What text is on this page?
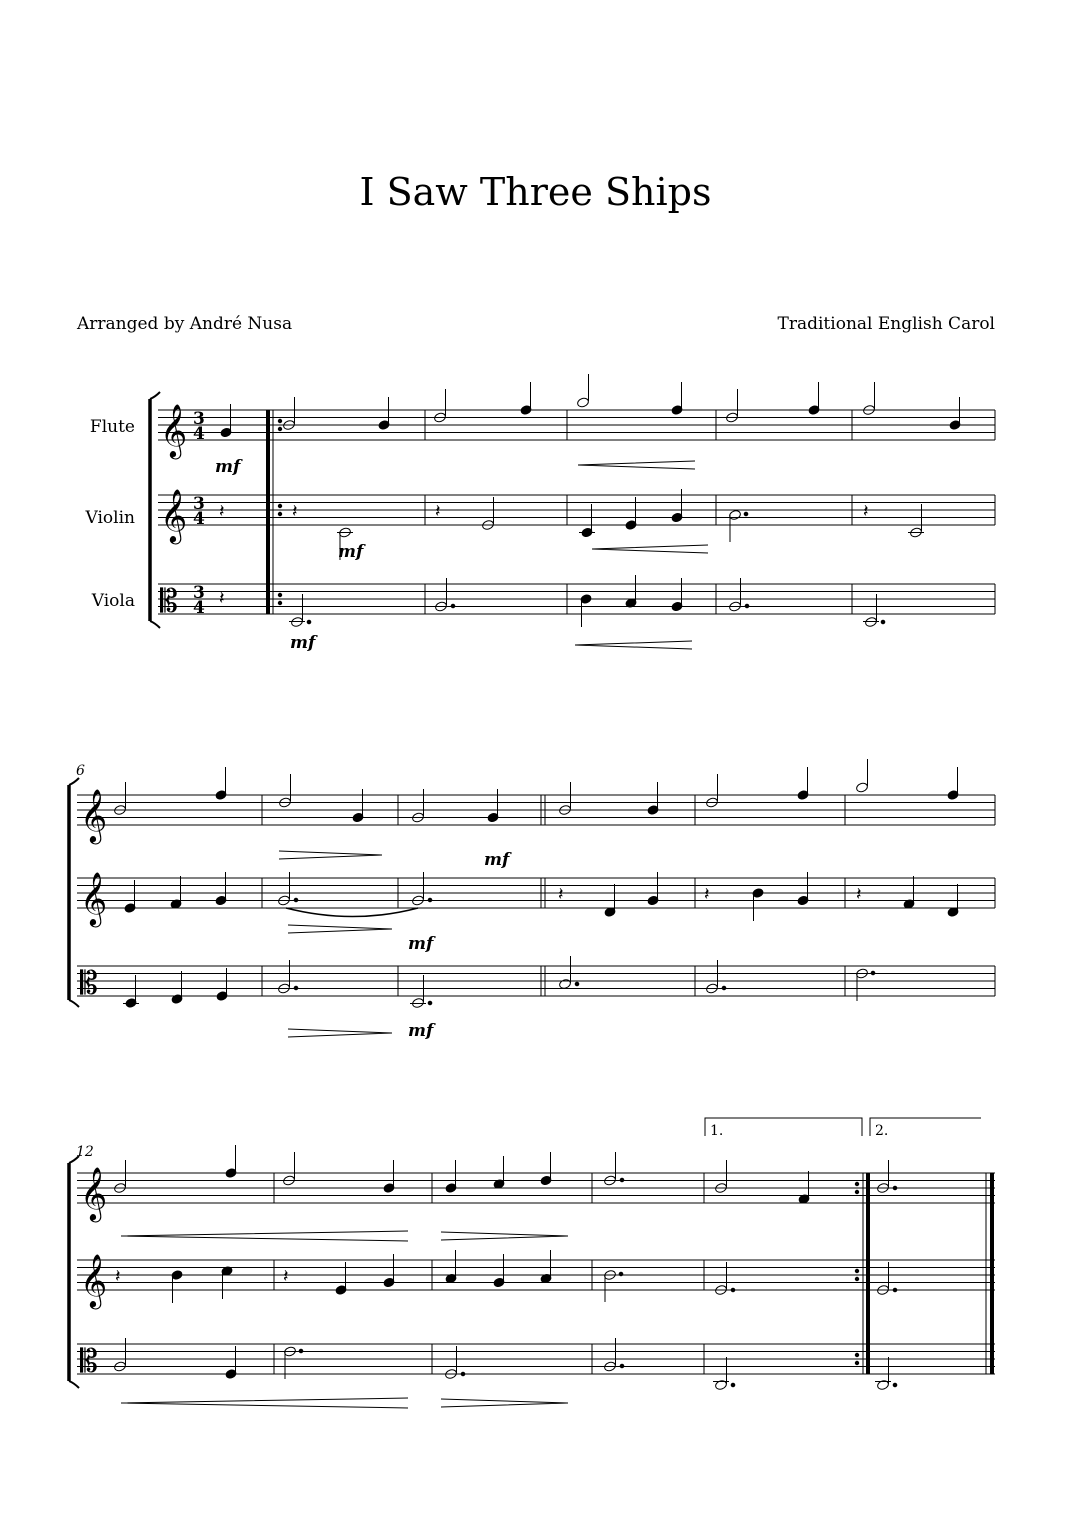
I Saw Three Ships
Arranged by André Nusa	Traditional English Carol
Flute
Violin
Viola
𝄞
𝄞
𝄡
3
4
3
4
3
4
mf
𝄽
𝄽
𝄽
mf
𝄽	𝄽
mf
6
𝄞
𝄞
𝄡
mf
mf
𝄽	𝄽	𝄽
mf
12
1.	2.
𝄞
𝄞
𝄡
𝄽	𝄽
